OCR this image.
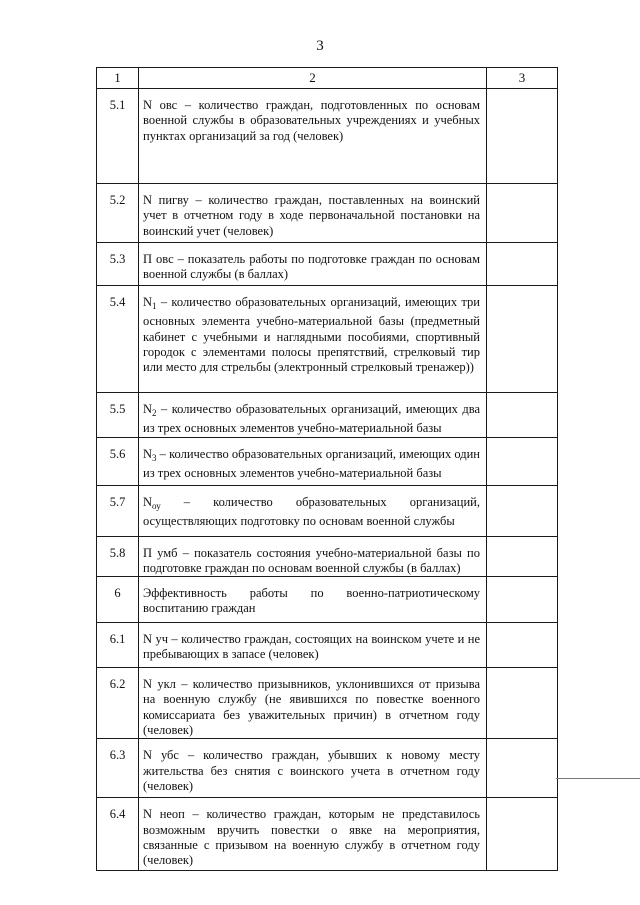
3
1	2	3
5.1	N овс – количество граждан, подготовленных по основам военной службы в образовательных учреждениях и учебных пунктах организаций за год (человек)	
5.2	N пигву – количество граждан, поставленных на воинский учет в отчетном году в ходе первоначальной постановки на воинский учет (человек)	
5.3	П овс – показатель работы по подготовке граждан по основам военной службы (в баллах)	
5.4	$N_1$ – количество образовательных организаций, имеющих три основных элемента учебно-материальной базы (предметный кабинет с учебными и наглядными пособиями, спортивный городок с элементами полосы препятствий, стрелковый тир или место для стрельбы (электронный стрелковый тренажер))	
5.5	$N_2$ – количество образовательных организаций, имеющих два из трех основных элементов учебно-материальной базы	
5.6	$N_3$ – количество образовательных организаций, имеющих один из трех основных элементов учебно-материальной базы	
5.7	$N_{оу}$ – количество образовательных организаций, осуществляющих подготовку по основам военной службы	
5.8	П умб – показатель состояния учебно-материальной базы по подготовке граждан по основам военной службы (в баллах)	
6	Эффективность работы по военно-патриотическому воспитанию граждан	
6.1	N уч – количество граждан, состоящих на воинском учете и не пребывающих в запасе (человек)	
6.2	N укл – количество призывников, уклонившихся от призыва на военную службу (не явившихся по повестке военного комиссариата без уважительных причин) в отчетном году (человек)	
6.3	N убс – количество граждан, убывших к новому месту жительства без снятия с воинского учета в отчетном году (человек)	
6.4	N неоп – количество граждан, которым не представилось возможным вручить повестки о явке на мероприятия, связанные с призывом на военную службу в отчетном году (человек)	
